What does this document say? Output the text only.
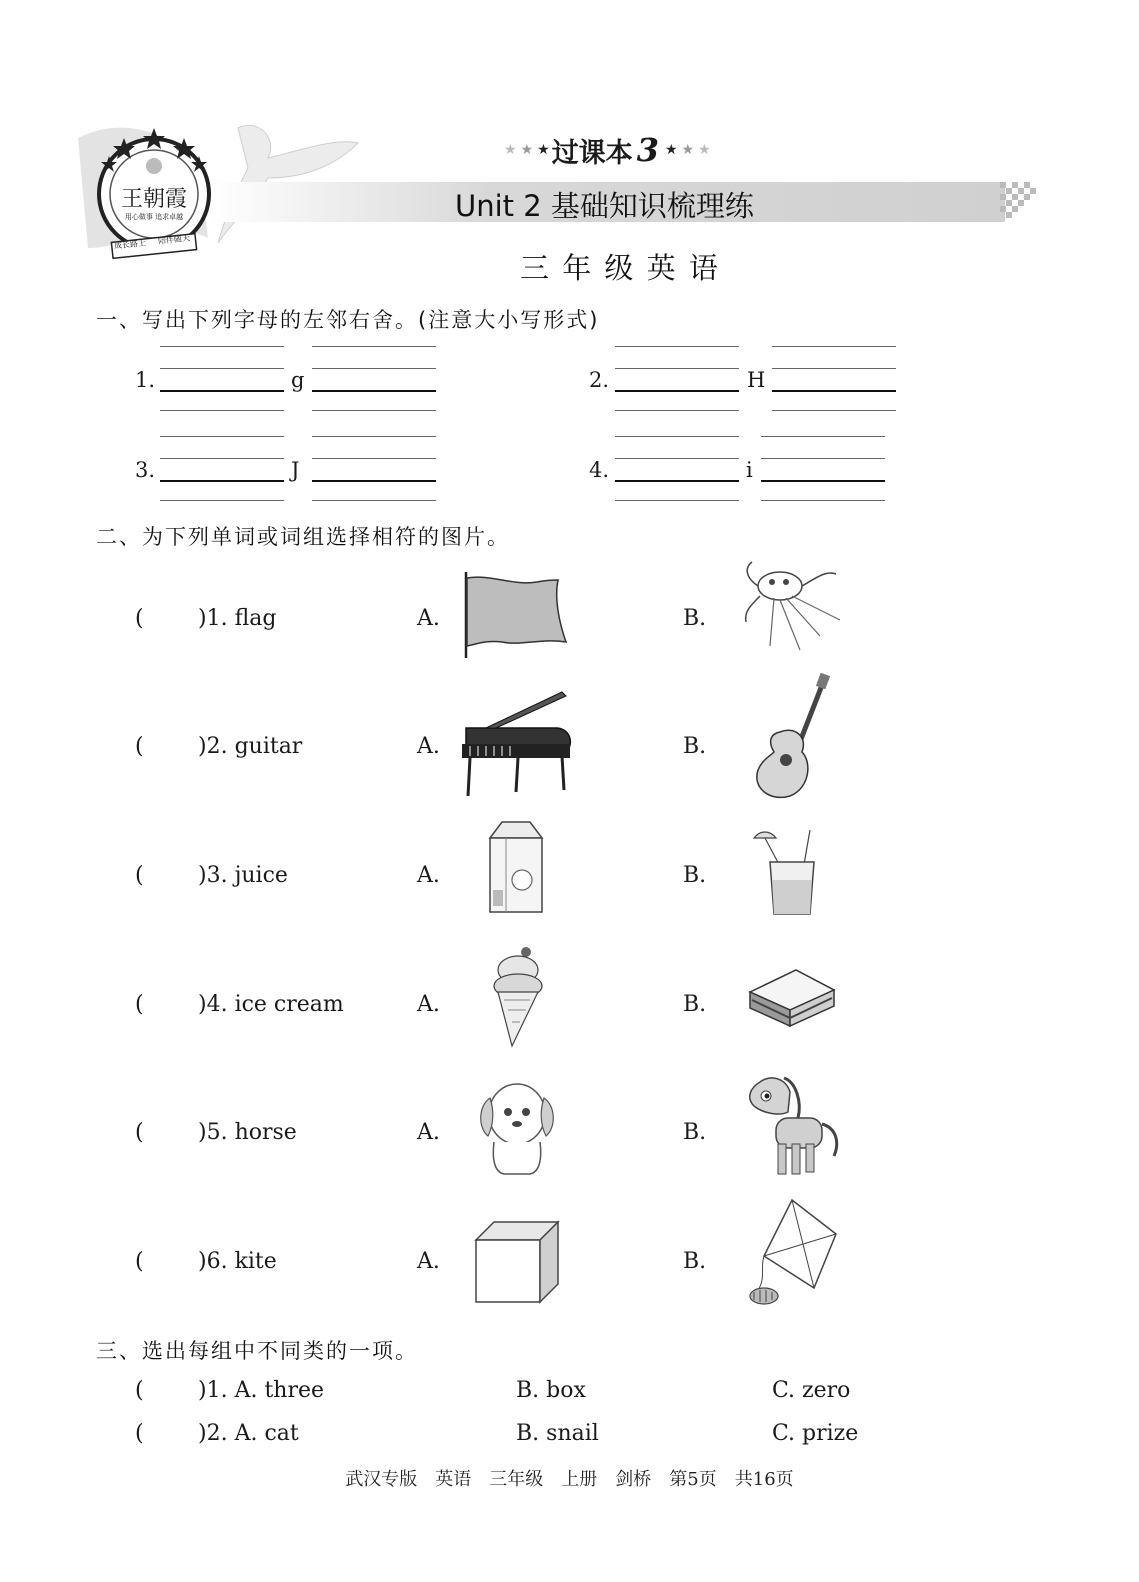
王朝霞
用心做事 追求卓越
成长路上 陪伴随天
★ ★ ★ 过课本 3 ★ ★ ★
Unit 2 基础知识梳理练
三 年 级 英 语
一、写出下列字母的左邻右舍。(注意大小写形式)
1.	g	2.	H
3.	J	4.	i
二、为下列单词或词组选择相符的图片。
( )1. flag	A.	B.
( )2. guitar	A.	B.
( )3. juice	A.	B.
( )4. ice cream	A.	B.
( )5. horse	A.	B.
( )6. kite	A.	B.
三、选出每组中不同类的一项。
( )1. A. three	B. box	C. zero
( )2. A. cat	B. snail	C. prize
武汉专版　英语　三年级　上册　剑桥　第5页　共16页
